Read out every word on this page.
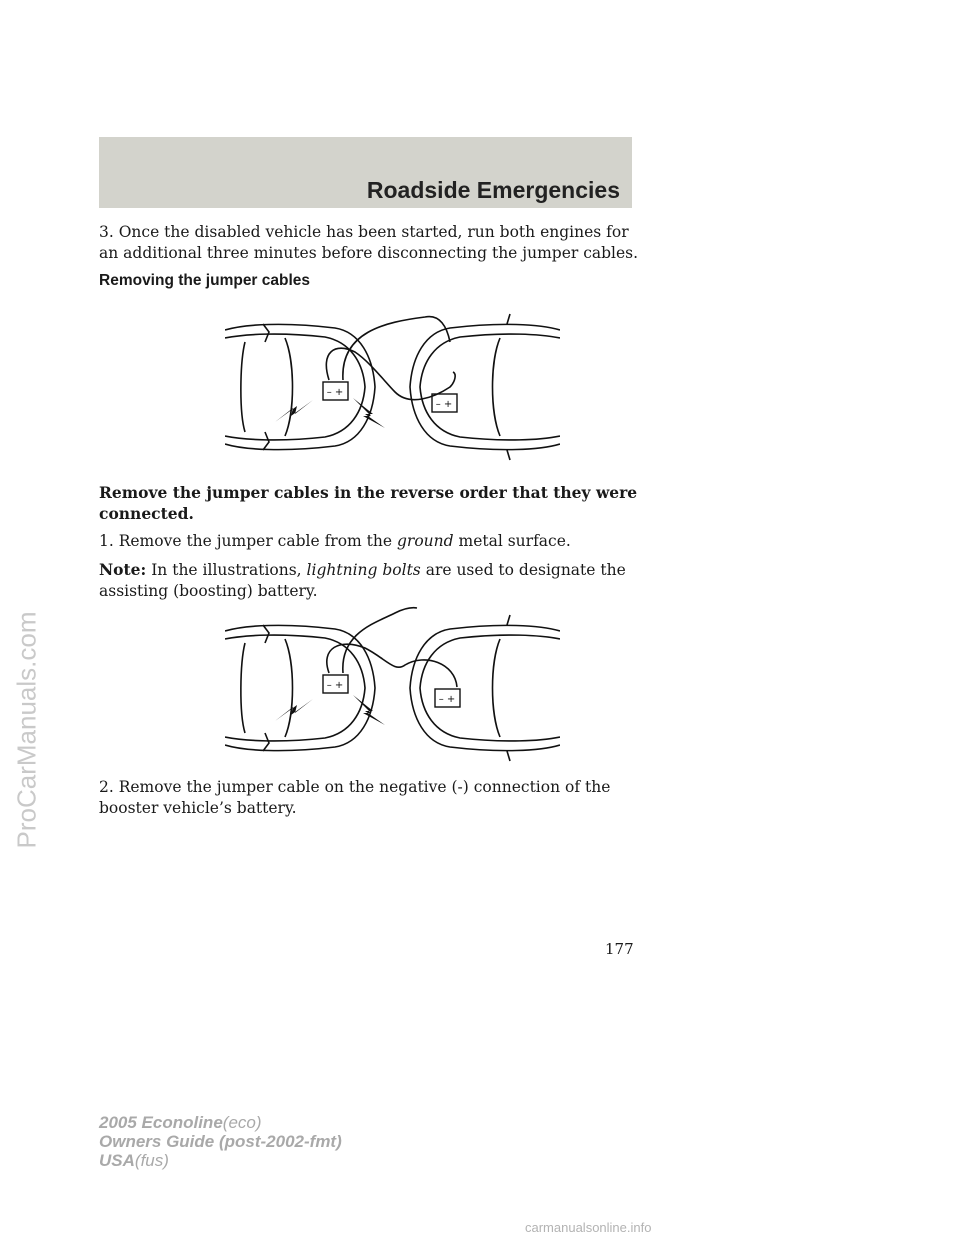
Roadside Emergencies

3. Once the disabled vehicle has been started, run both engines for an additional three minutes before disconnecting the jumper cables.

Removing the jumper cables
– +
– +

Remove the jumper cables in the reverse order that they were connected.

1. Remove the jumper cable from the ground metal surface.

Note: In the illustrations, lightning bolts are used to designate the assisting (boosting) battery.

– +
– +

2. Remove the jumper cable on the negative (-) connection of the booster vehicle’s battery.

177
2005 Econoline(eco)
Owners Guide (post-2002-fmt)
USA(fus)
ProCarManuals.com
carmanualsonline.info
